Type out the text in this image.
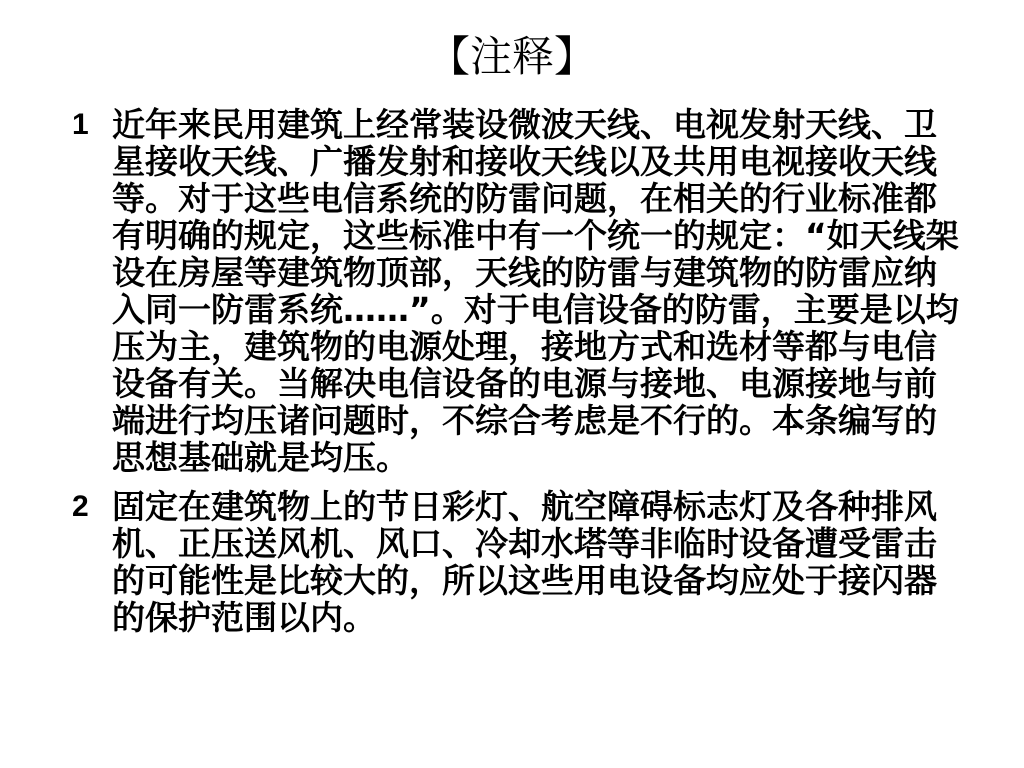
【注释】
1 近年来民用建筑上经常装设微波天线、电视发射天线、卫星接收天线、广播发射和接收天线以及共用电视接收天线等。对于这些电信系统的防雷问题，在相关的行业标准都有明确的规定，这些标准中有一个统一的规定：“如天线架设在房屋等建筑物顶部，天线的防雷与建筑物的防雷应纳入同一防雷系统……”。对于电信设备的防雷，主要是以均压为主，建筑物的电源处理，接地方式和选材等都与电信设备有关。当解决电信设备的电源与接地、电源接地与前端进行均压诸问题时，不综合考虑是不行的。本条编写的思想基础就是均压。
2 固定在建筑物上的节日彩灯、航空障碍标志灯及各种排风机、正压送风机、风口、冷却水塔等非临时设备遭受雷击的可能性是比较大的，所以这些用电设备均应处于接闪器的保护范围以内。
